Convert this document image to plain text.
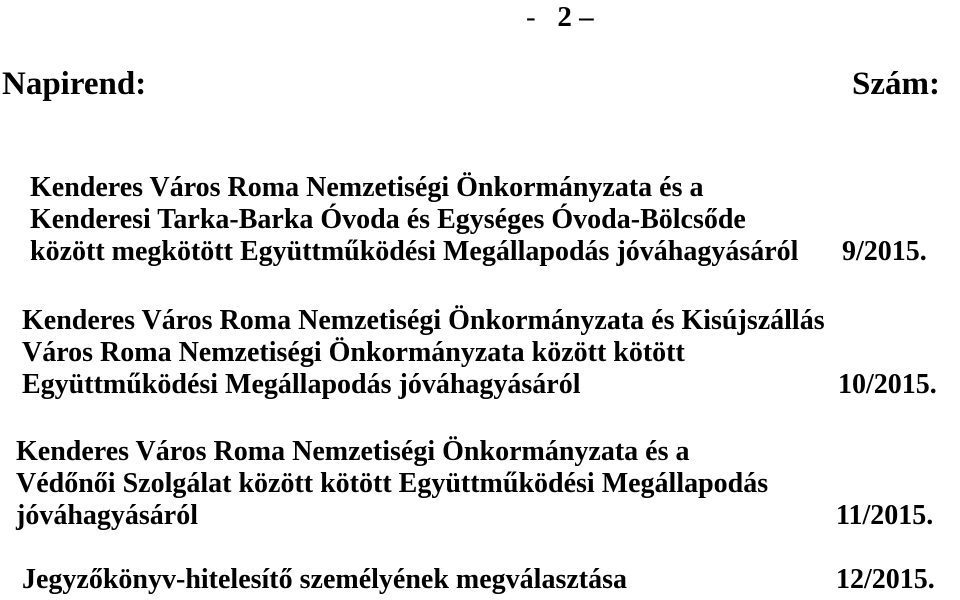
- 2 –
Napirend:	Szám:
Kenderes Város Roma Nemzetiségi Önkormányzata és a
Kenderesi Tarka-Barka Óvoda és Egységes Óvoda-Bölcsőde
között megkötött Együttműködési Megállapodás jóváhagyásáról 9/2015.
Kenderes Város Roma Nemzetiségi Önkormányzata és Kisújszállás
Város Roma Nemzetiségi Önkormányzata között kötött
Együttműködési Megállapodás jóváhagyásáról	10/2015.
Kenderes Város Roma Nemzetiségi Önkormányzata és a
Védőnői Szolgálat között kötött Együttműködési Megállapodás
jóváhagyásáról	11/2015.
Jegyzőkönyv-hitelesítő személyének megválasztása	12/2015.
